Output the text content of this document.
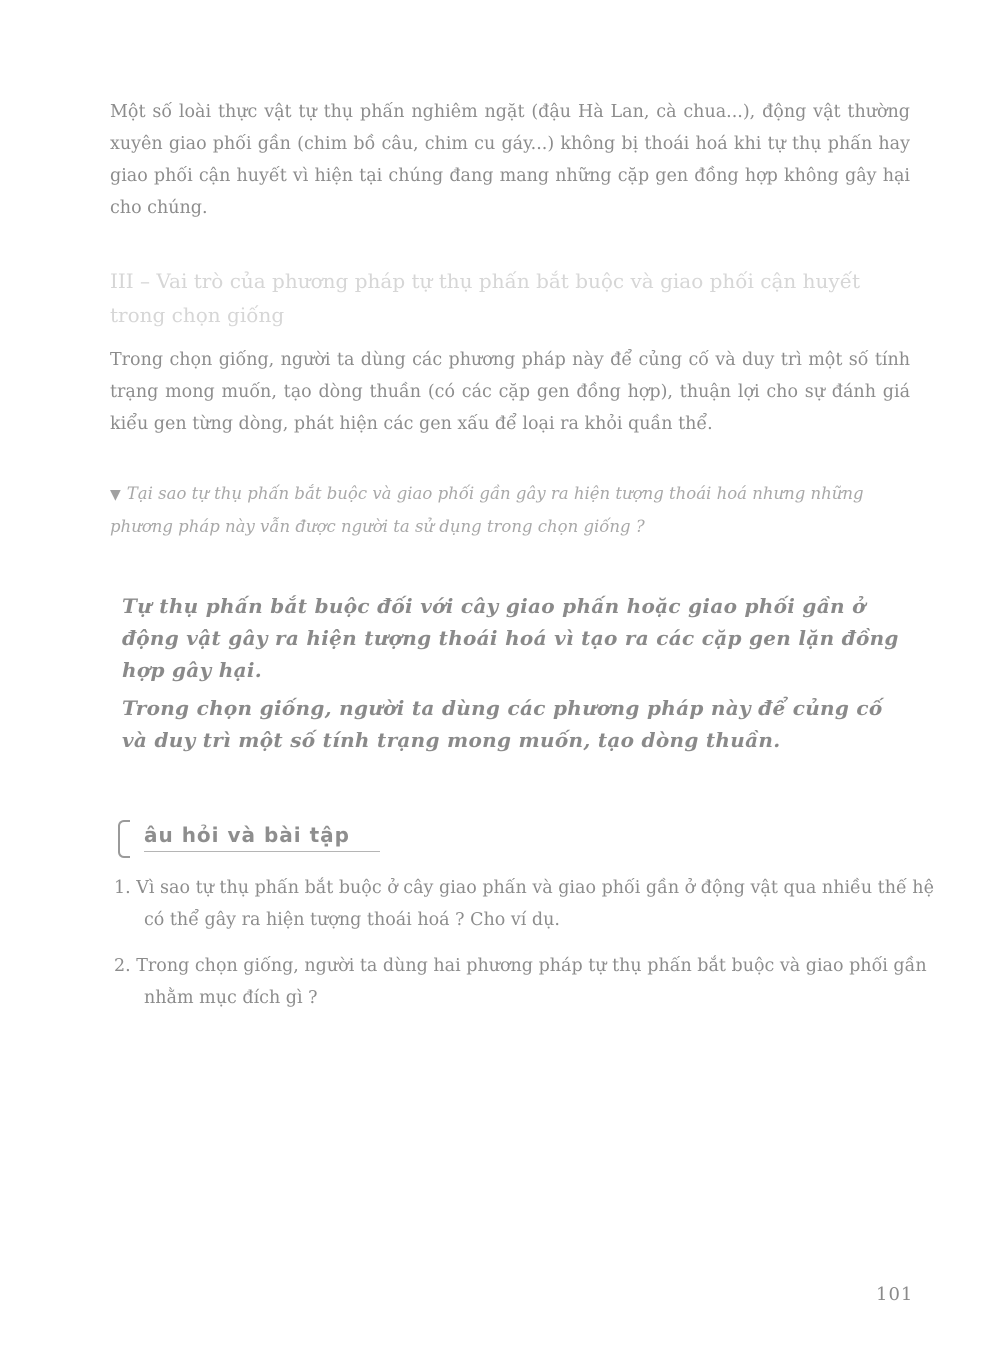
Một số loài thực vật tự thụ phấn nghiêm ngặt (đậu Hà Lan, cà chua...), động vật thường xuyên giao phối gần (chim bồ câu, chim cu gáy...) không bị thoái hoá khi tự thụ phấn hay giao phối cận huyết vì hiện tại chúng đang mang những cặp gen đồng hợp không gây hại cho chúng.

III – Vai trò của phương pháp tự thụ phấn bắt buộc và giao phối cận huyết trong chọn giống

Trong chọn giống, người ta dùng các phương pháp này để củng cố và duy trì một số tính trạng mong muốn, tạo dòng thuần (có các cặp gen đồng hợp), thuận lợi cho sự đánh giá kiểu gen từng dòng, phát hiện các gen xấu để loại ra khỏi quần thể.

▼ Tại sao tự thụ phấn bắt buộc và giao phối gần gây ra hiện tượng thoái hoá nhưng những phương pháp này vẫn được người ta sử dụng trong chọn giống ?

Tự thụ phấn bắt buộc đối với cây giao phấn hoặc giao phối gần ở động vật gây ra hiện tượng thoái hoá vì tạo ra các cặp gen lặn đồng hợp gây hại.

Trong chọn giống, người ta dùng các phương pháp này để củng cố và duy trì một số tính trạng mong muốn, tạo dòng thuần.

âu hỏi và bài tập

1. Vì sao tự thụ phấn bắt buộc ở cây giao phấn và giao phối gần ở động vật qua nhiều thế hệ có thể gây ra hiện tượng thoái hoá ? Cho ví dụ.

2. Trong chọn giống, người ta dùng hai phương pháp tự thụ phấn bắt buộc và giao phối gần nhằm mục đích gì ?

101
